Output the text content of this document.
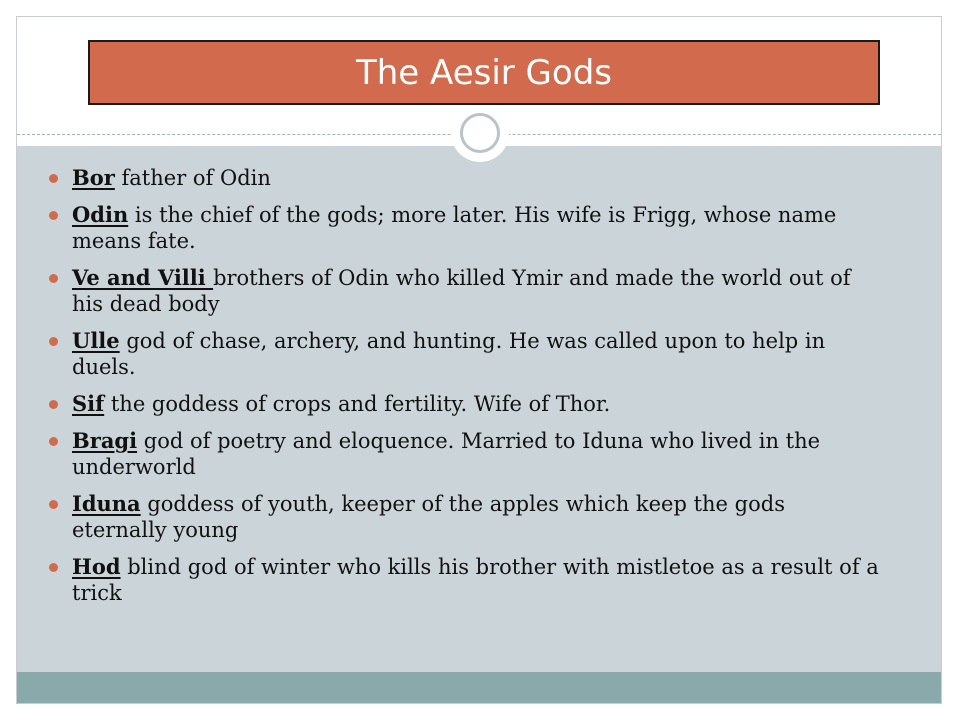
The Aesir Gods
Bor father of Odin
Odin is the chief of the gods; more later. His wife is Frigg, whose name means fate.
Ve and Villi brothers of Odin who killed Ymir and made the world out of his dead body
Ulle god of chase, archery, and hunting. He was called upon to help in duels.
Sif the goddess of crops and fertility. Wife of Thor.
Bragi god of poetry and eloquence. Married to Iduna who lived in the underworld
Iduna goddess of youth, keeper of the apples which keep the gods eternally young
Hod blind god of winter who kills his brother with mistletoe as a result of a trick
